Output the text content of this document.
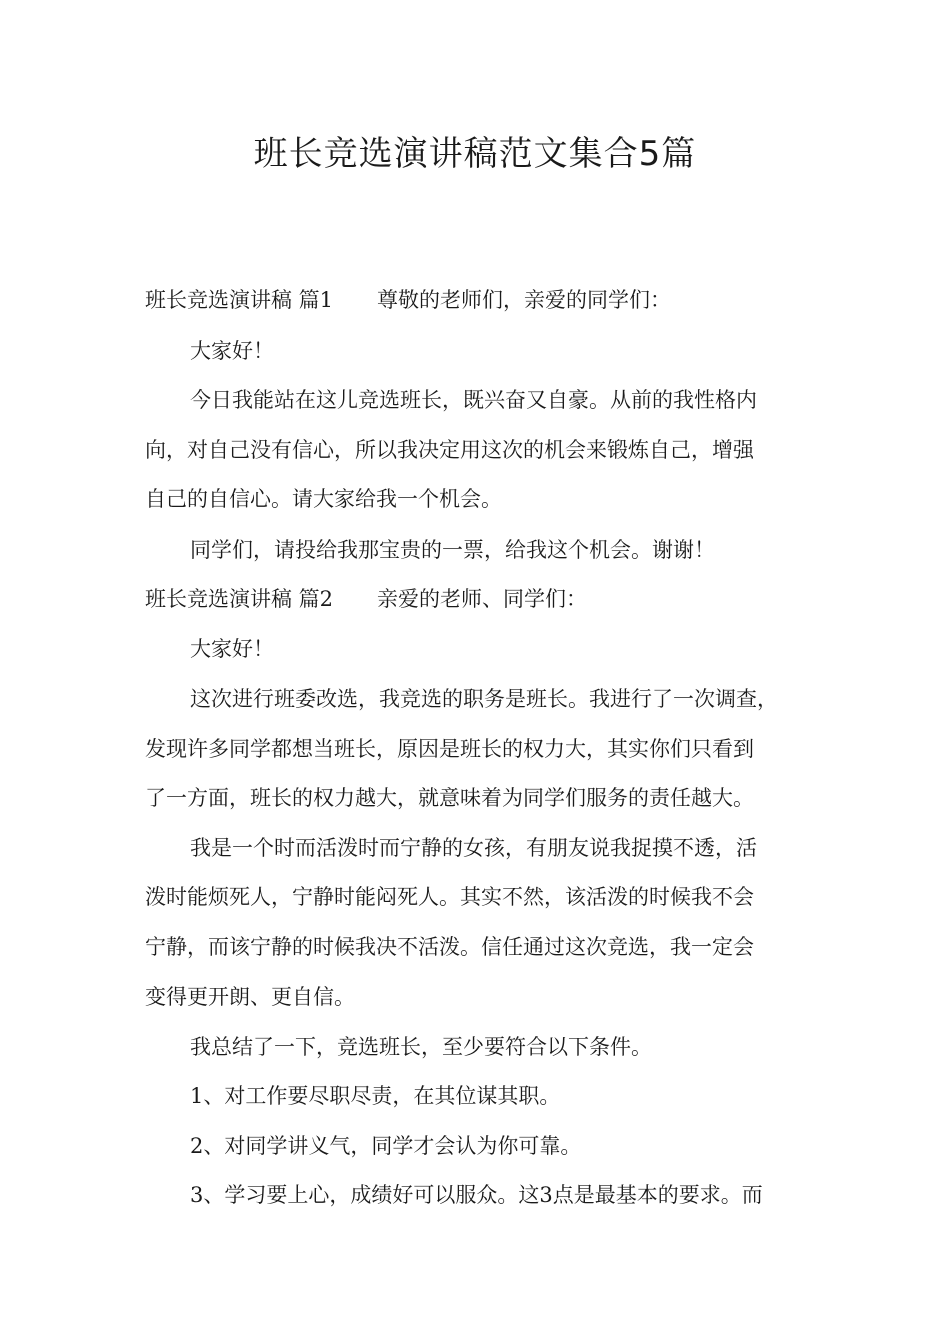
班长竞选演讲稿范文集合5篇

班长竞选演讲稿 篇1 尊敬的老师们，亲爱的同学们：

大家好！

今日我能站在这儿竞选班长，既兴奋又自豪。从前的我性格内

向，对自己没有信心，所以我决定用这次的机会来锻炼自己，增强

自己的自信心。请大家给我一个机会。

同学们，请投给我那宝贵的一票，给我这个机会。谢谢！

班长竞选演讲稿 篇2 亲爱的老师、同学们：

大家好！

这次进行班委改选，我竞选的职务是班长。我进行了一次调查，

发现许多同学都想当班长，原因是班长的权力大，其实你们只看到

了一方面，班长的权力越大，就意味着为同学们服务的责任越大。

我是一个时而活泼时而宁静的女孩，有朋友说我捉摸不透，活

泼时能烦死人，宁静时能闷死人。其实不然，该活泼的时候我不会

宁静，而该宁静的时候我决不活泼。信任通过这次竞选，我一定会

变得更开朗、更自信。

我总结了一下，竞选班长，至少要符合以下条件。

1、对工作要尽职尽责，在其位谋其职。

2、对同学讲义气，同学才会认为你可靠。

3、学习要上心，成绩好可以服众。这3点是最基本的要求。而
